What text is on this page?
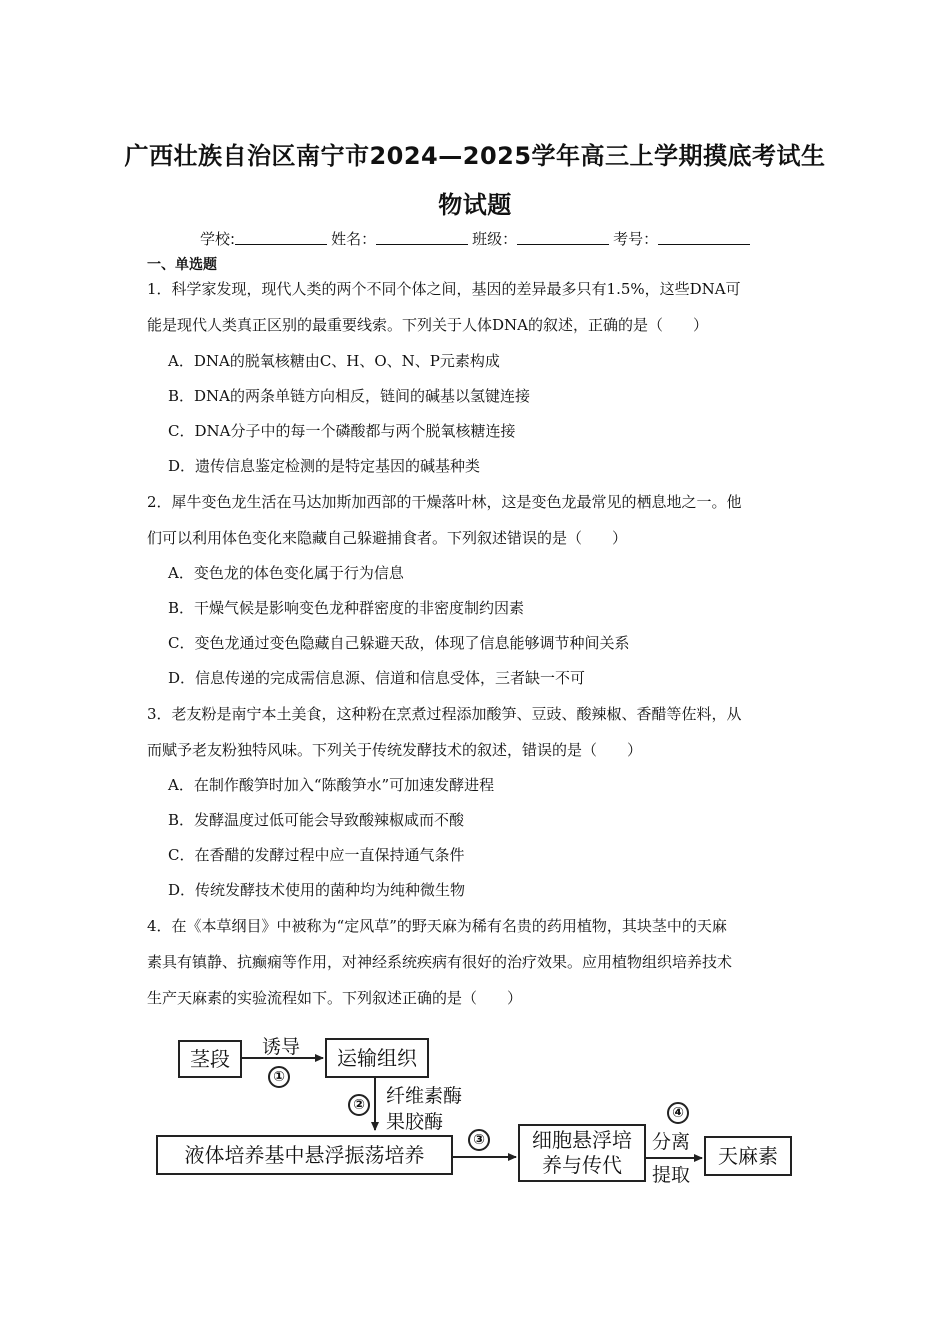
广西壮族自治区南宁市2024—2025学年高三上学期摸底考试生
物试题
学校:	姓名：	班级：	考号：
一、单选题
1．科学家发现，现代人类的两个不同个体之间，基因的差异最多只有1.5%，这些DNA可
能是现代人类真正区别的最重要线索。下列关于人体DNA的叙述，正确的是（　　）
A．DNA的脱氧核糖由C、H、O、N、P元素构成
B．DNA的两条单链方向相反，链间的碱基以氢键连接
C．DNA分子中的每一个磷酸都与两个脱氧核糖连接
D．遗传信息鉴定检测的是特定基因的碱基种类
2．犀牛变色龙生活在马达加斯加西部的干燥落叶林，这是变色龙最常见的栖息地之一。他
们可以利用体色变化来隐藏自己躲避捕食者。下列叙述错误的是（　　）
A．变色龙的体色变化属于行为信息
B．干燥气候是影响变色龙种群密度的非密度制约因素
C．变色龙通过变色隐藏自己躲避天敌，体现了信息能够调节种间关系
D．信息传递的完成需信息源、信道和信息受体，三者缺一不可
3．老友粉是南宁本土美食，这种粉在烹煮过程添加酸笋、豆豉、酸辣椒、香醋等佐料，从
而赋予老友粉独特风味。下列关于传统发酵技术的叙述，错误的是（　　）
A．在制作酸笋时加入“陈酸笋水”可加速发酵进程
B．发酵温度过低可能会导致酸辣椒咸而不酸
C．在香醋的发酵过程中应一直保持通气条件
D．传统发酵技术使用的菌种均为纯种微生物
4．在《本草纲目》中被称为“定风草”的野天麻为稀有名贵的药用植物，其块茎中的天麻
素具有镇静、抗癫痫等作用，对神经系统疾病有很好的治疗效果。应用植物组织培养技术
生产天麻素的实验流程如下。下列叙述正确的是（　　）
茎段	诱导
①
运输组织
② 纤维素酶
果胶酶
液体培养基中悬浮振荡培养
③ 细胞悬浮培
养与传代
④
分离
提取
天麻素
